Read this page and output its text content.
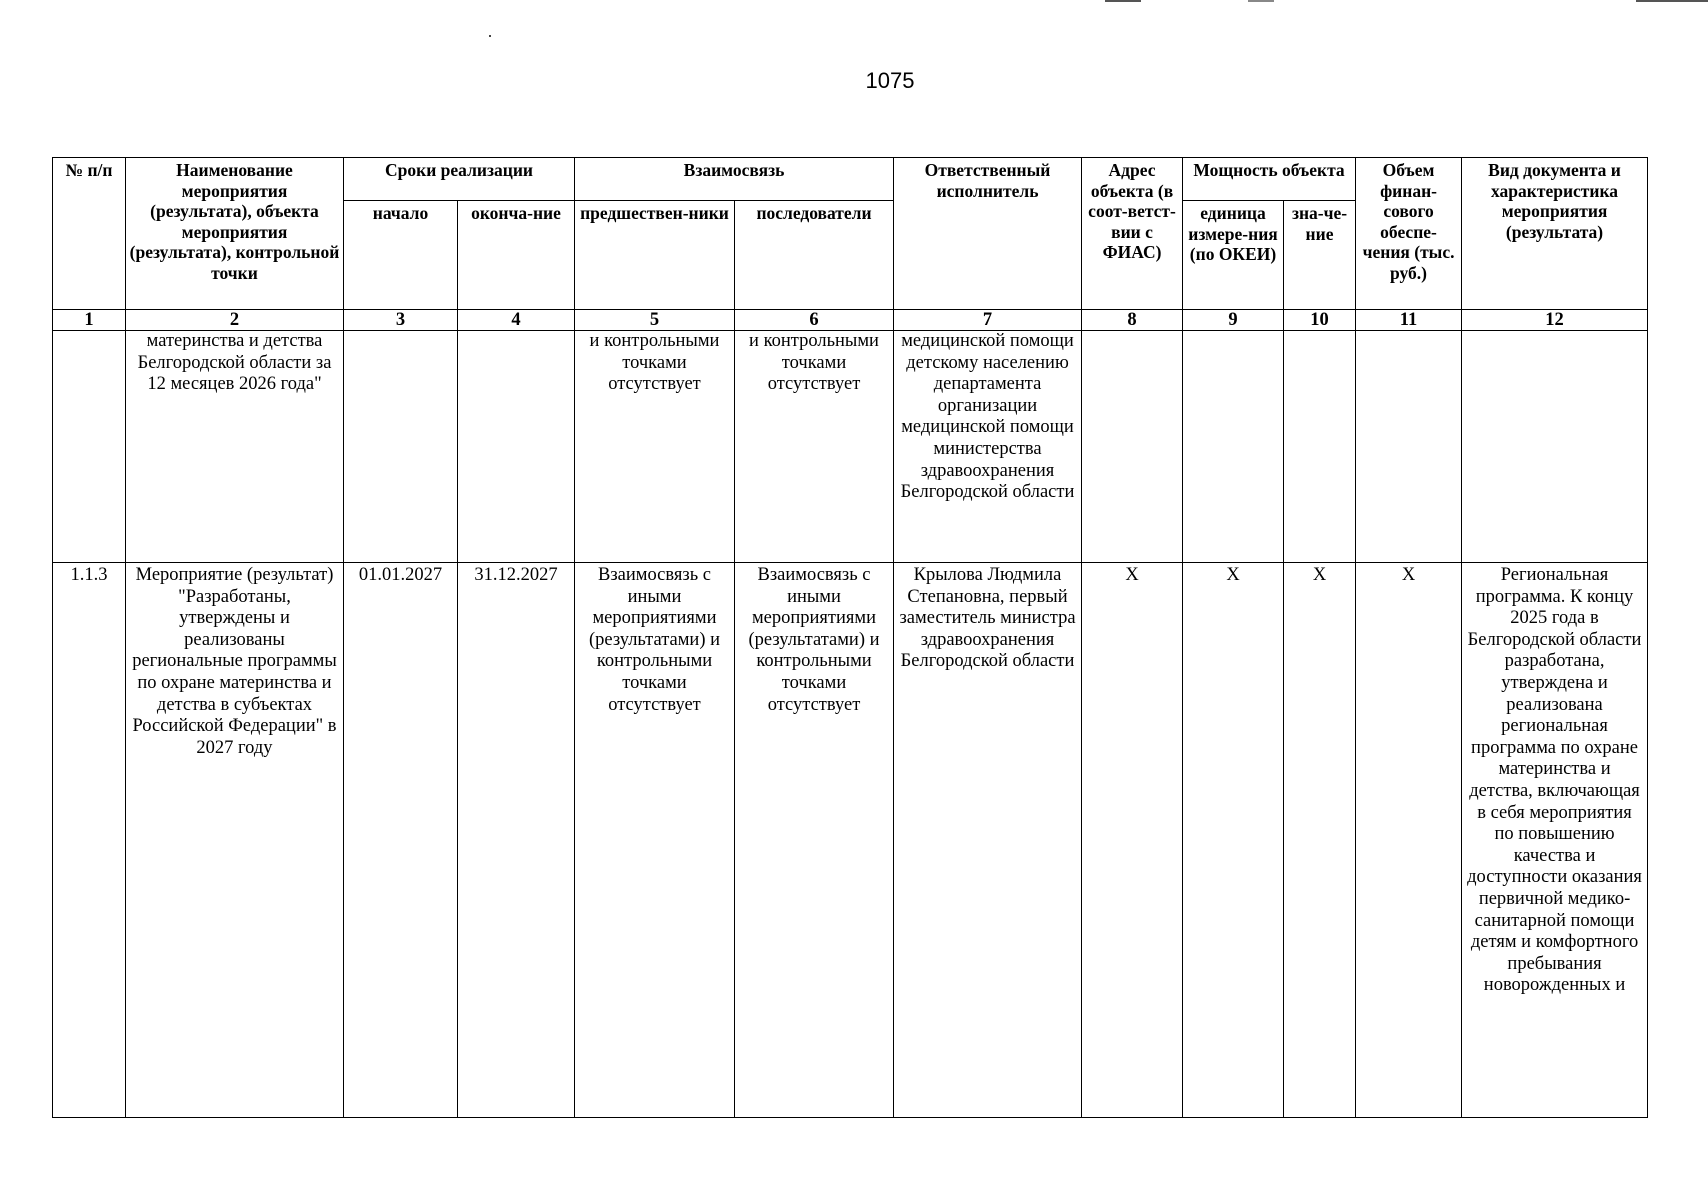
1075
№ п/п	Наименование мероприятия (результата), объекта мероприятия (результата), контрольной точки	Сроки реализации		Взаимосвязь		Ответственный исполнитель	Адрес объекта (в соот-ветст-вии с ФИАС)	Мощность объекта		Объем финан-сового обеспе-чения (тыс. руб.)	Вид документа и характеристика мероприятия (результата)
		начало	оконча-ние	предшествен-ники	последователи			единица измере-ния (по ОКЕИ)	зна-че-ние		
1	2	3	4	5	6	7	8	9	10	11	12
	материнства и детства Белгородской области за 12 месяцев 2026 года"			и контрольными точками отсутствует	и контрольными точками отсутствует	медицинской помощи детскому населению департамента организации медицинской помощи министерства здравоохранения Белгородской области					
1.1.3	Мероприятие (результат) "Разработаны, утверждены и реализованы региональные программы по охране материнства и детства в субъектах Российской Федерации" в 2027 году	01.01.2027	31.12.2027	Взаимосвязь с иными мероприятиями (результатами) и контрольными точками отсутствует	Взаимосвязь с иными мероприятиями (результатами) и контрольными точками отсутствует	Крылова Людмила Степановна, первый заместитель министра здравоохранения Белгородской области	Х	Х	Х	Х	Региональная программа. К концу 2025 года в Белгородской области разработана, утверждена и реализована региональная программа по охране материнства и детства, включающая в себя мероприятия по повышению качества и доступности оказания первичной медико-санитарной помощи детям и комфортного пребывания новорожденных и
